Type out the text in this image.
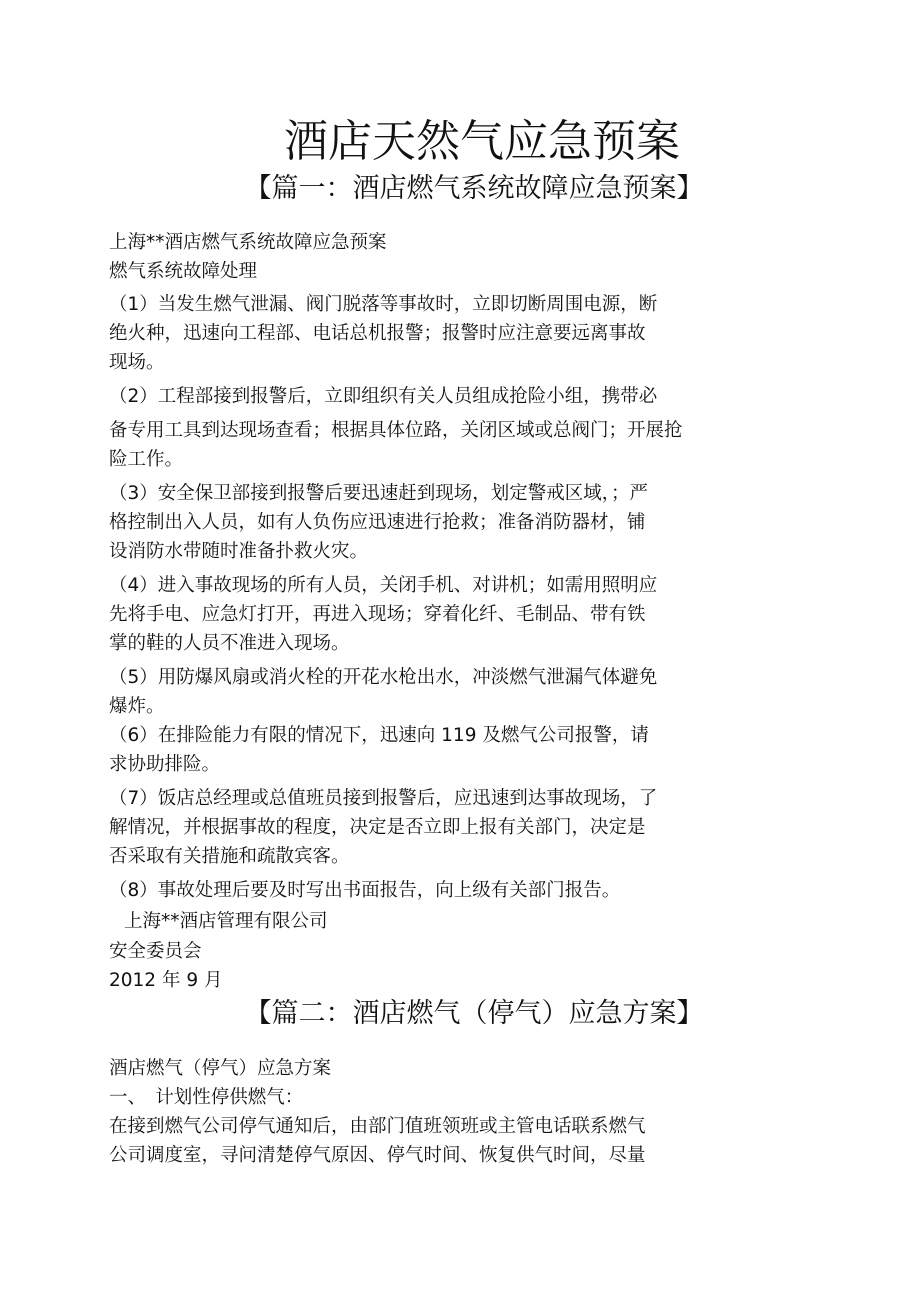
酒店天然气应急预案
【篇一：酒店燃气系统故障应急预案】
上海**酒店燃气系统故障应急预案
燃气系统故障处理
（1）当发生燃气泄漏、阀门脱落等事故时，立即切断周围电源，断
绝火种，迅速向工程部、电话总机报警；报警时应注意要远离事故
现场。
（2）工程部接到报警后，立即组织有关人员组成抢险小组，携带必
备专用工具到达现场查看；根据具体位路，关闭区域或总阀门；开展抢
险工作。
（3）安全保卫部接到报警后要迅速赶到现场，划定警戒区域，；严
格控制出入人员，如有人负伤应迅速进行抢救；准备消防器材，铺
设消防水带随时准备扑救火灾。
（4）进入事故现场的所有人员，关闭手机、对讲机；如需用照明应
先将手电、应急灯打开，再进入现场；穿着化纤、毛制品、带有铁
掌的鞋的人员不准进入现场。
（5）用防爆风扇或消火栓的开花水枪出水，冲淡燃气泄漏气体避免
爆炸。
（6）在排险能力有限的情况下，迅速向 119 及燃气公司报警，请
求协助排险。
（7）饭店总经理或总值班员接到报警后，应迅速到达事故现场，了
解情况，并根据事故的程度，决定是否立即上报有关部门，决定是
否采取有关措施和疏散宾客。
（8）事故处理后要及时写出书面报告，向上级有关部门报告。
上海**酒店管理有限公司
安全委员会
2012 年 9 月
【篇二：酒店燃气（停气）应急方案】
酒店燃气（停气）应急方案
一、　计划性停供燃气：
在接到燃气公司停气通知后，由部门值班领班或主管电话联系燃气
公司调度室，寻问清楚停气原因、停气时间、恢复供气时间，尽量
